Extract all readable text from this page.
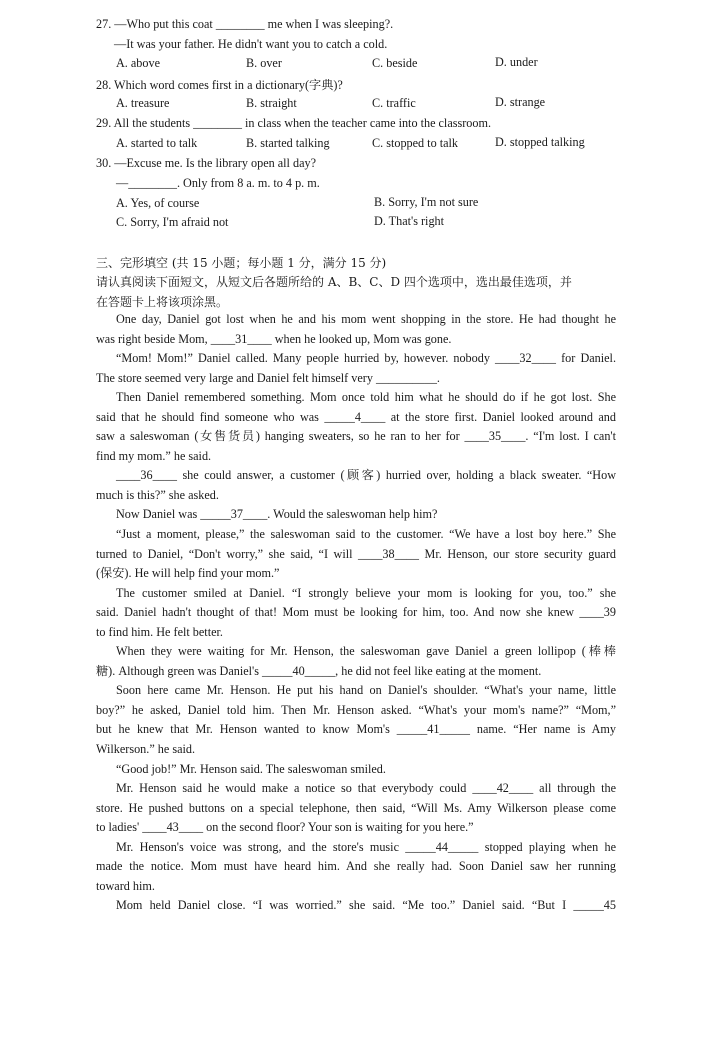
27. —Who put this coat ________ me when I was sleeping?.
—It was your father. He didn't want you to catch a cold.
A. above	B. over	C. beside	D. under
28. Which word comes first in a dictionary(字典)?
A. treasure	B. straight	C. traffic	D. strange
29. All the students ________ in class when the teacher came into the classroom.
A. started to talk	B. started talking	C. stopped to talk	D. stopped talking
30. —Excuse me. Is the library open all day?
—________. Only from 8 a. m. to 4 p. m.
A. Yes, of course	B. Sorry, I'm not sure
C. Sorry, I'm afraid not	D. That's right
三、完形填空 (共 15 小题；每小题 1 分，满分 15 分)
请认真阅读下面短文，从短文后各题所给的 A、B、C、D 四个选项中，选出最佳选项，并
在答题卡上将该项涂黑。
One day, Daniel got lost when he and his mom went shopping in the store. He had thought he
was right beside Mom, ____31____ when he looked up, Mom was gone.
“Mom! Mom!” Daniel called. Many people hurried by, however. nobody ____32____ for Daniel.
The store seemed very large and Daniel felt himself very __________.
Then Daniel remembered something. Mom once told him what he should do if he got lost. She
said that he should find someone who was _____4____ at the store first. Daniel looked around and
saw a saleswoman (女售货员) hanging sweaters, so he ran to her for ____35____. “I'm lost. I can't
find my mom.” he said.
____36____ she could answer, a customer (顾客) hurried over, holding a black sweater. “How
much is this?” she asked.
Now Daniel was _____37____. Would the saleswoman help him?
“Just a moment, please,” the saleswoman said to the customer. “We have a lost boy here.” She
turned to Daniel, “Don't worry,” she said, “I will ____38____ Mr. Henson, our store security guard
(保安). He will help find your mom.”
The customer smiled at Daniel. “I strongly believe your mom is looking for you, too.” she
said. Daniel hadn't thought of that! Mom must be looking for him, too. And now she knew ____39
to find him. He felt better.
When they were waiting for Mr. Henson, the saleswoman gave Daniel a green lollipop (棒棒
糖). Although green was Daniel's _____40_____, he did not feel like eating at the moment.
Soon here came Mr. Henson. He put his hand on Daniel's shoulder. “What's your name, little
boy?” he asked, Daniel told him. Then Mr. Henson asked. “What's your mom's name?” “Mom,”
but he knew that Mr. Henson wanted to know Mom's _____41_____ name. “Her name is Amy
Wilkerson.” he said.
“Good job!” Mr. Henson said. The saleswoman smiled.
Mr. Henson said he would make a notice so that everybody could ____42____ all through the
store. He pushed buttons on a special telephone, then said, “Will Ms. Amy Wilkerson please come
to ladies' ____43____ on the second floor? Your son is waiting for you here.”
Mr. Henson's voice was strong, and the store's music _____44_____ stopped playing when he
made the notice. Mom must have heard him. And she really had. Soon Daniel saw her running
toward him.
Mom held Daniel close. “I was worried.” she said. “Me too.” Daniel said. “But I _____45
